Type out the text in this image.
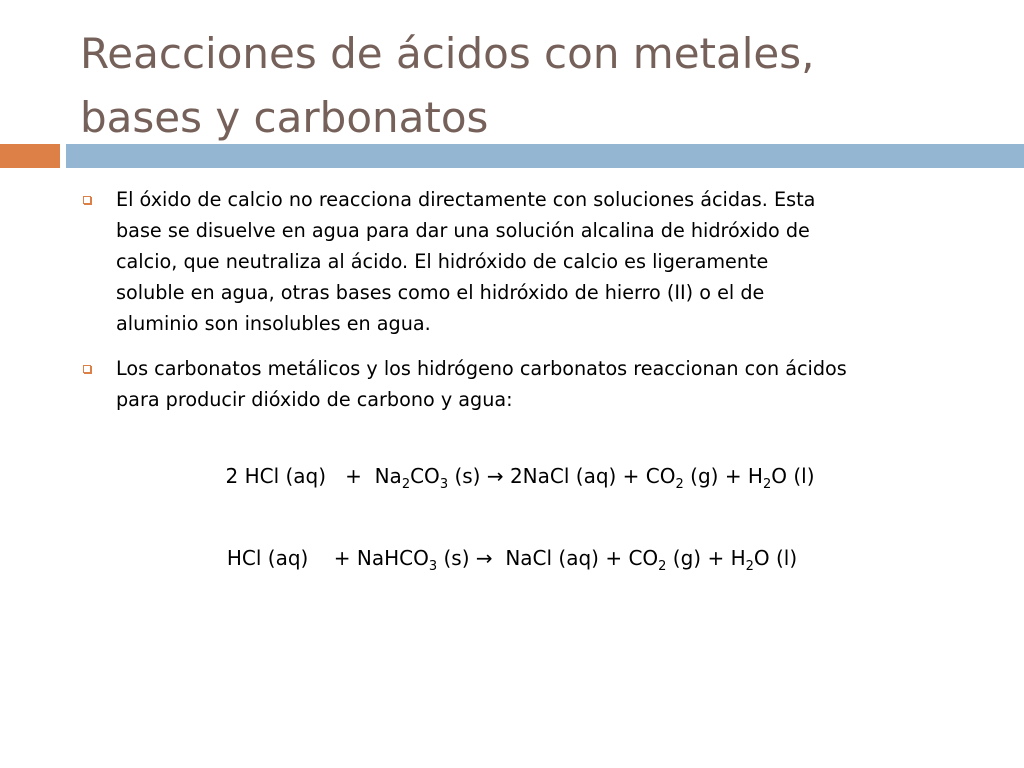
Reacciones de ácidos con metales,
bases y carbonatos
El óxido de calcio no reacciona directamente con soluciones ácidas. Esta
base se disuelve en agua para dar una solución alcalina de hidróxido de
calcio, que neutraliza al ácido. El hidróxido de calcio es ligeramente
soluble en agua, otras bases como el hidróxido de hierro (II) o el de
aluminio son insolubles en agua.
Los carbonatos metálicos y los hidrógeno carbonatos reaccionan con ácidos
para producir dióxido de carbono y agua:
2 HCl $(aq) + Na_2CO_3$ (s) → 2NaCl $(aq) + CO_2$ $(g) + H_2O$ (l)
HCl (aq)    + NaHCO$_3$ (s) →  NaCl $(aq) + CO_2$ $(g) + H_2O$ (l)
